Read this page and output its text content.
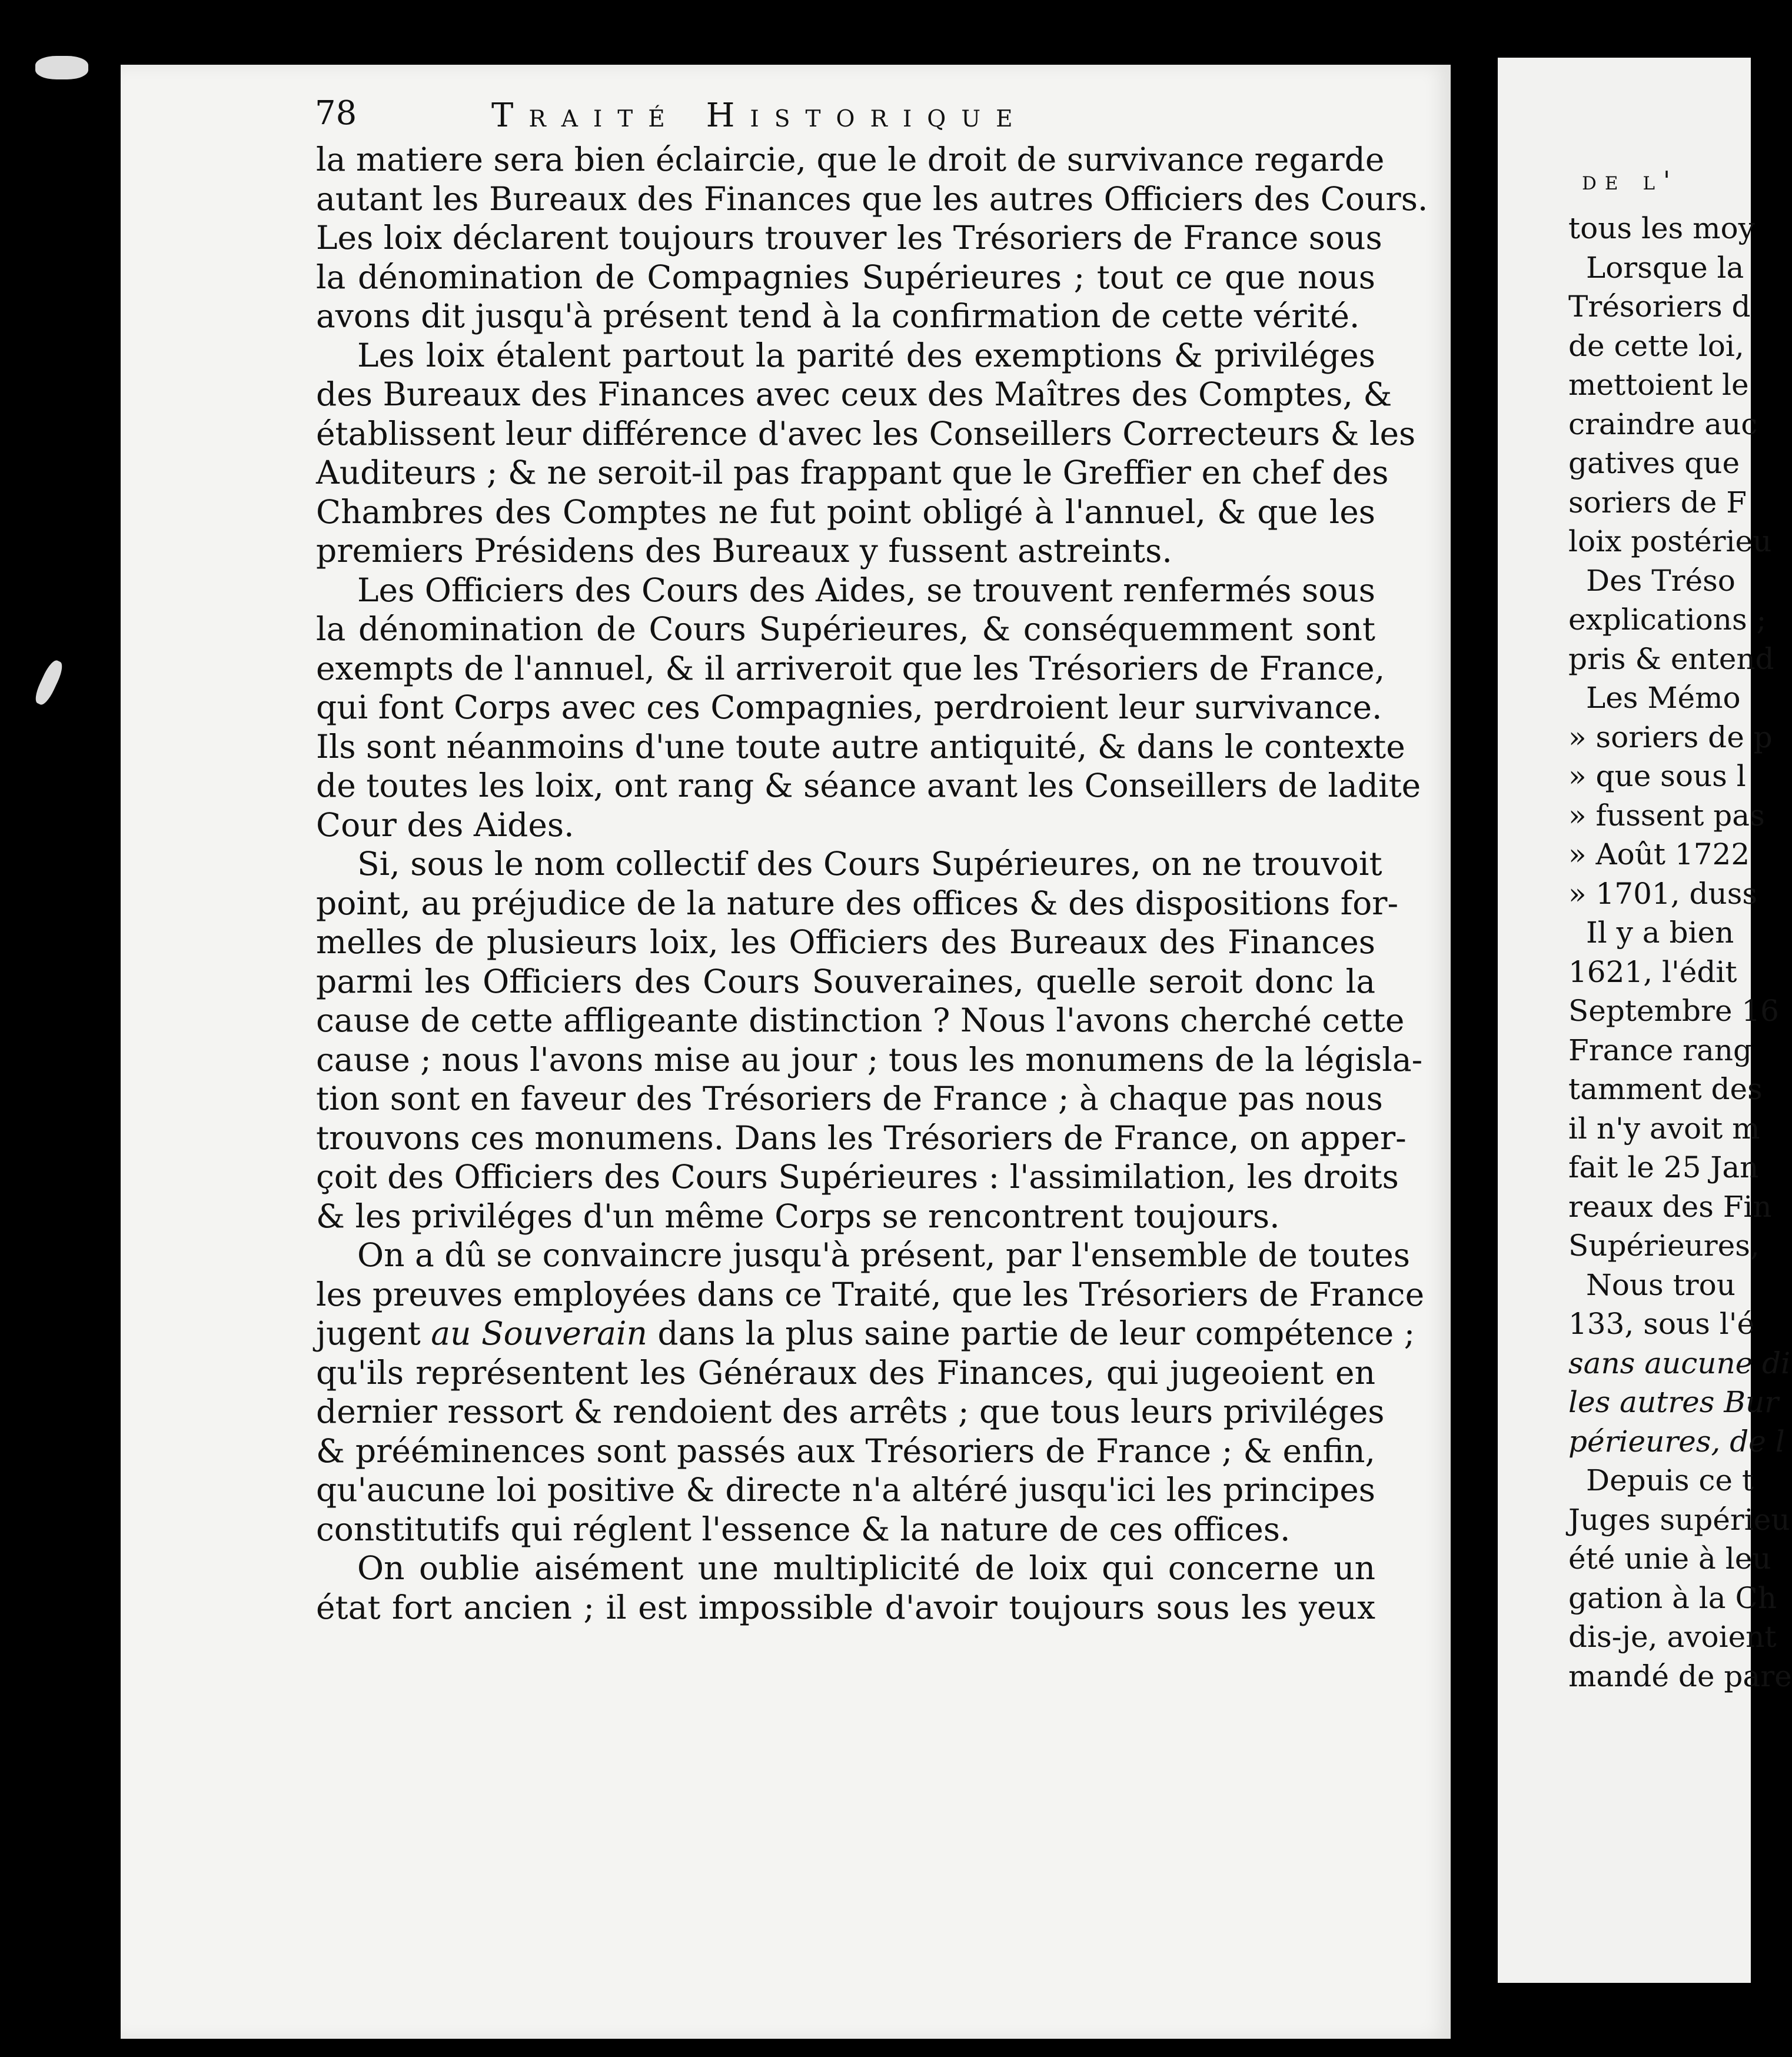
78	Traité Historique
la matiere sera bien éclaircie, que le droit de survivance regarde
autant les Bureaux des Finances que les autres Officiers des Cours.
Les loix déclarent toujours trouver les Trésoriers de France sous
la dénomination de Compagnies Supérieures ; tout ce que nous
avons dit jusqu'à présent tend à la confirmation de cette vérité.
Les loix étalent partout la parité des exemptions & priviléges
des Bureaux des Finances avec ceux des Maîtres des Comptes, &
établissent leur différence d'avec les Conseillers Correcteurs & les
Auditeurs ; & ne seroit-il pas frappant que le Greffier en chef des
Chambres des Comptes ne fut point obligé à l'annuel, & que les
premiers Présidens des Bureaux y fussent astreints.
Les Officiers des Cours des Aides, se trouvent renfermés sous
la dénomination de Cours Supérieures, & conséquemment sont
exempts de l'annuel, & il arriveroit que les Trésoriers de France,
qui font Corps avec ces Compagnies, perdroient leur survivance.
Ils sont néanmoins d'une toute autre antiquité, & dans le contexte
de toutes les loix, ont rang & séance avant les Conseillers de ladite
Cour des Aides.
Si, sous le nom collectif des Cours Supérieures, on ne trouvoit
point, au préjudice de la nature des offices & des dispositions for-
melles de plusieurs loix, les Officiers des Bureaux des Finances
parmi les Officiers des Cours Souveraines, quelle seroit donc la
cause de cette affligeante distinction ? Nous l'avons cherché cette
cause ; nous l'avons mise au jour ; tous les monumens de la législa-
tion sont en faveur des Trésoriers de France ; à chaque pas nous
trouvons ces monumens. Dans les Trésoriers de France, on apper-
çoit des Officiers des Cours Supérieures : l'assimilation, les droits
& les priviléges d'un même Corps se rencontrent toujours.
On a dû se convaincre jusqu'à présent, par l'ensemble de toutes
les preuves employées dans ce Traité, que les Trésoriers de France
jugent au Souverain dans la plus saine partie de leur compétence ;
qu'ils représentent les Généraux des Finances, qui jugeoient en
dernier ressort & rendoient des arrêts ; que tous leurs priviléges
& prééminences sont passés aux Trésoriers de France ; & enfin,
qu'aucune loi positive & directe n'a altéré jusqu'ici les principes
constitutifs qui réglent l'essence & la nature de ces offices.
On oublie aisément une multiplicité de loix qui concerne un
état fort ancien ; il est impossible d'avoir toujours sous les yeux
de l'
tous les moy
Lorsque la
Trésoriers d
de cette loi,
mettoient le
craindre auc
gatives que
soriers de F
loix postérieu
Des Tréso
explications ;
pris & entend
Les Mémo
» soriers de p
» que sous l
» fussent pas
» Août 1722
» 1701, duss
Il y a bien
1621, l'édit
Septembre 16
France rang
tamment des
il n'y avoit m
fait le 25 Jan
reaux des Fin
Supérieures,
Nous trou
133, sous l'é
sans aucune di
les autres Bur
périeures, de l
Depuis ce t
Juges supérieu
été unie à leu
gation à la Ch
dis-je, avoient
mandé de pare
